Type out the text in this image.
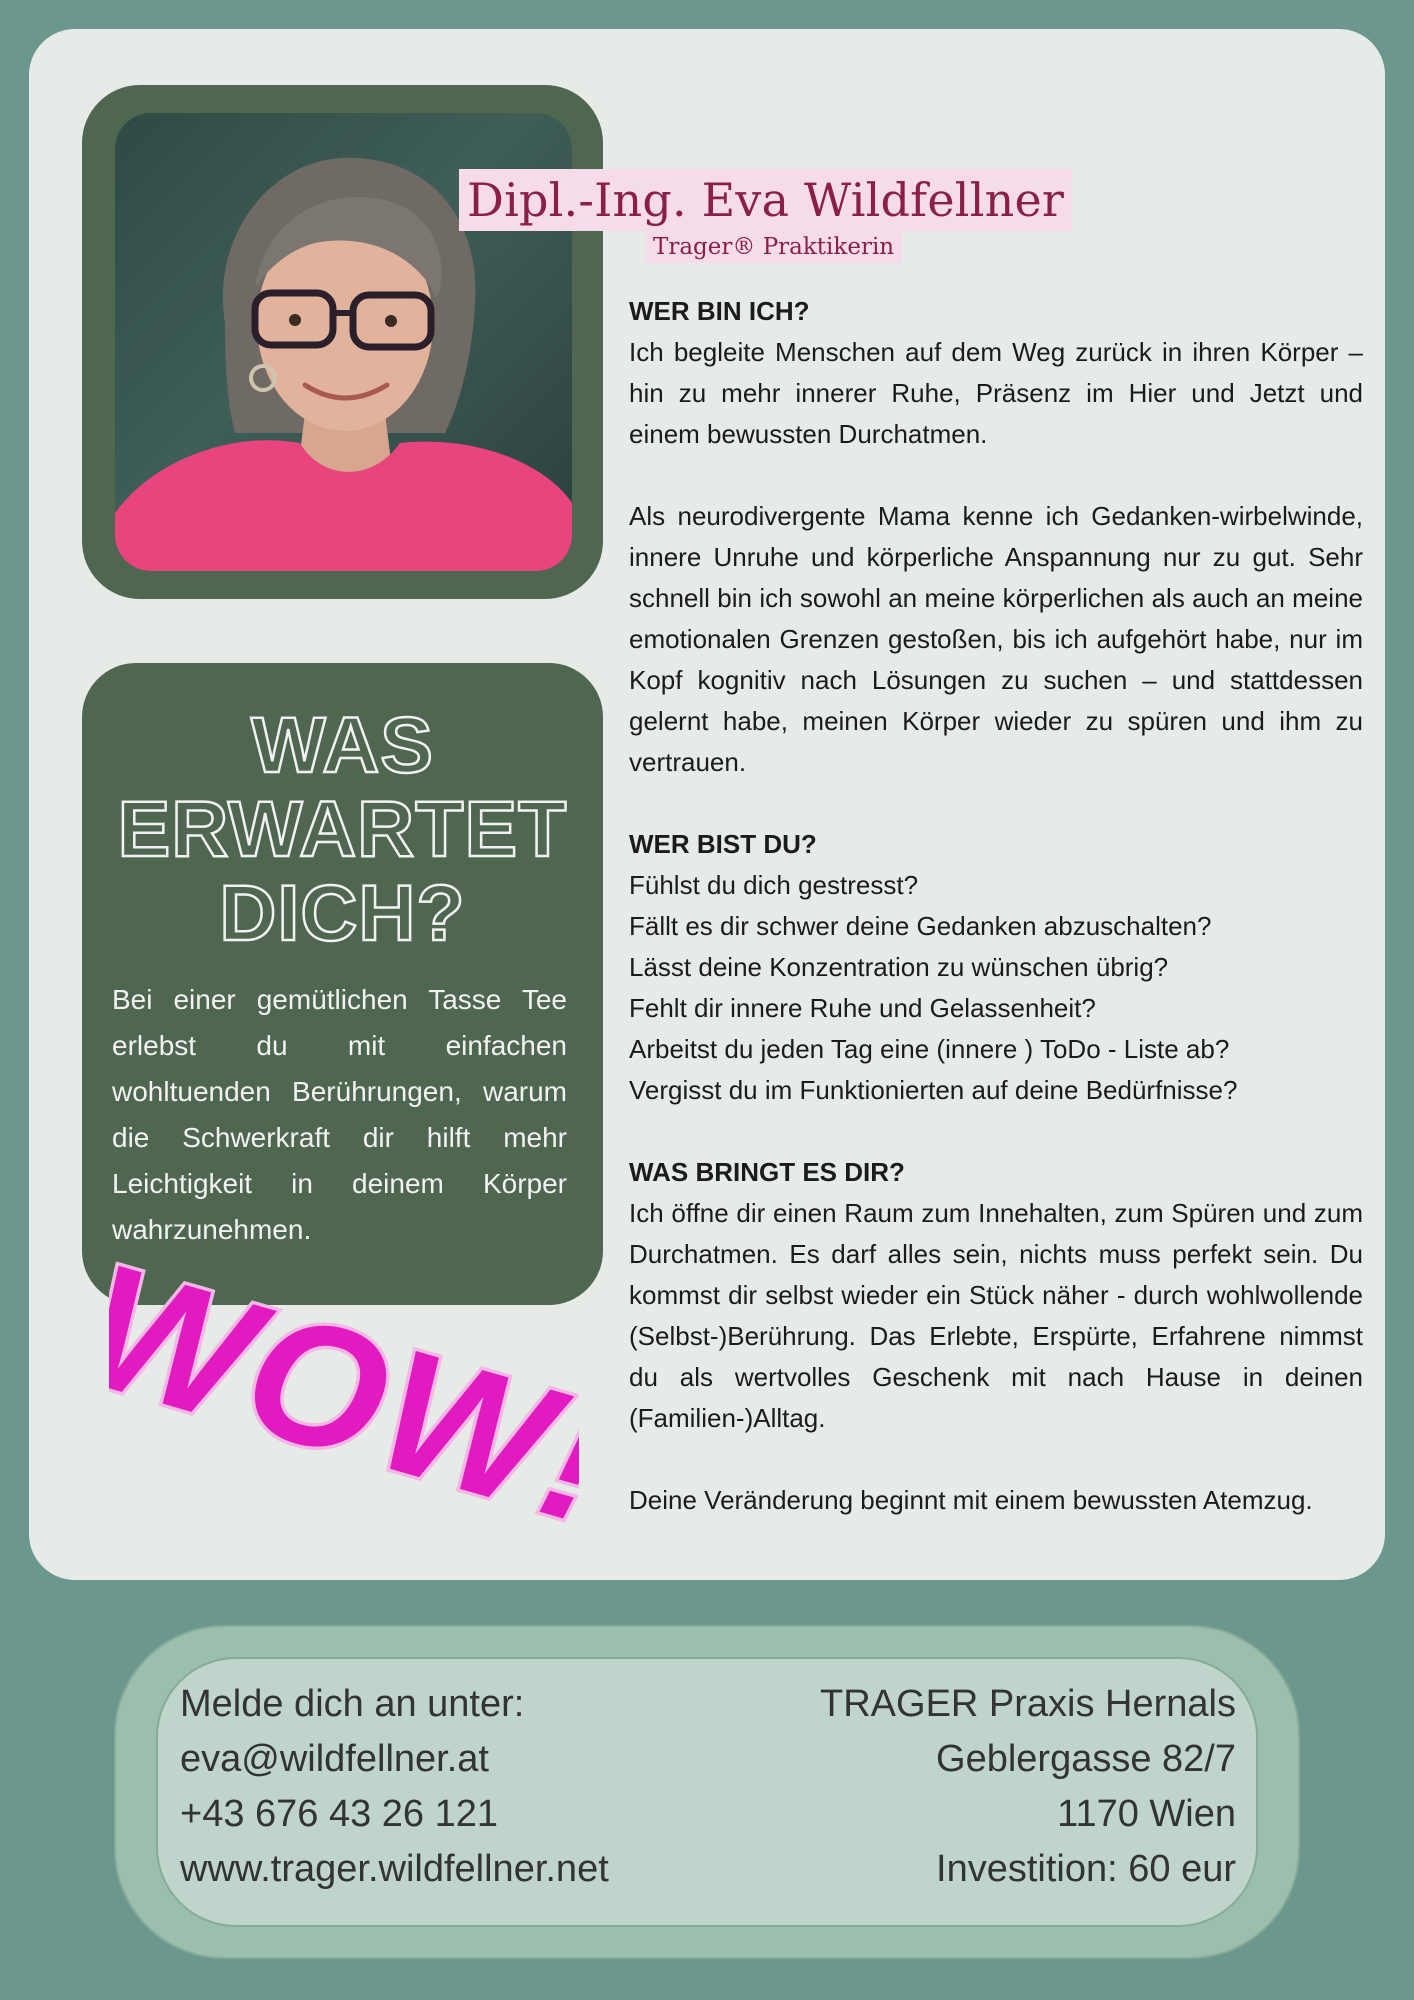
Dipl.-Ing. Eva Wildfellner
Trager® Praktikerin
WER BIN ICH?

Ich begleite Menschen auf dem Weg zurück in ihren Körper – hin zu mehr innerer Ruhe, Präsenz im Hier und Jetzt und einem bewussten Durchatmen.

Als neurodivergente Mama kenne ich Gedanken-wirbelwinde, innere Unruhe und körperliche Anspannung nur zu gut. Sehr schnell bin ich sowohl an meine körperlichen als auch an meine emotionalen Grenzen gestoßen, bis ich aufgehört habe, nur im Kopf kognitiv nach Lösungen zu suchen – und stattdessen gelernt habe, meinen Körper wieder zu spüren und ihm zu vertrauen.

WER BIST DU?
Fühlst du dich gestresst?
Fällt es dir schwer deine Gedanken abzuschalten?
Lässt deine Konzentration zu wünschen übrig?
Fehlt dir innere Ruhe und Gelassenheit?
Arbeitst du jeden Tag eine (innere ) ToDo - Liste ab?
Vergisst du im Funktionierten auf deine Bedürfnisse?
WAS BRINGT ES DIR?

Ich öffne dir einen Raum zum Innehalten, zum Spüren und zum Durchatmen. Es darf alles sein, nichts muss perfekt sein. Du kommst dir selbst wieder ein Stück näher - durch wohlwollende (Selbst-)Berührung. Das Erlebte, Erspürte, Erfahrene nimmst du als wertvolles Geschenk mit nach Hause in deinen (Familien-)Alltag.

Deine Veränderung beginnt mit einem bewussten Atemzug.

WAS
ERWARTET
DICH?
Bei einer gemütlichen Tasse Tee erlebst du mit einfachen wohltuenden Berührungen, warum die Schwerkraft dir hilft mehr Leichtigkeit in deinem Körper wahrzunehmen.
WOW!
Melde dich an unter:
eva@wildfellner.at
+43 676 43 26 121
www.trager.wildfellner.net
TRAGER Praxis Hernals
Geblergasse 82/7
1170 Wien
Investition: 60 eur
